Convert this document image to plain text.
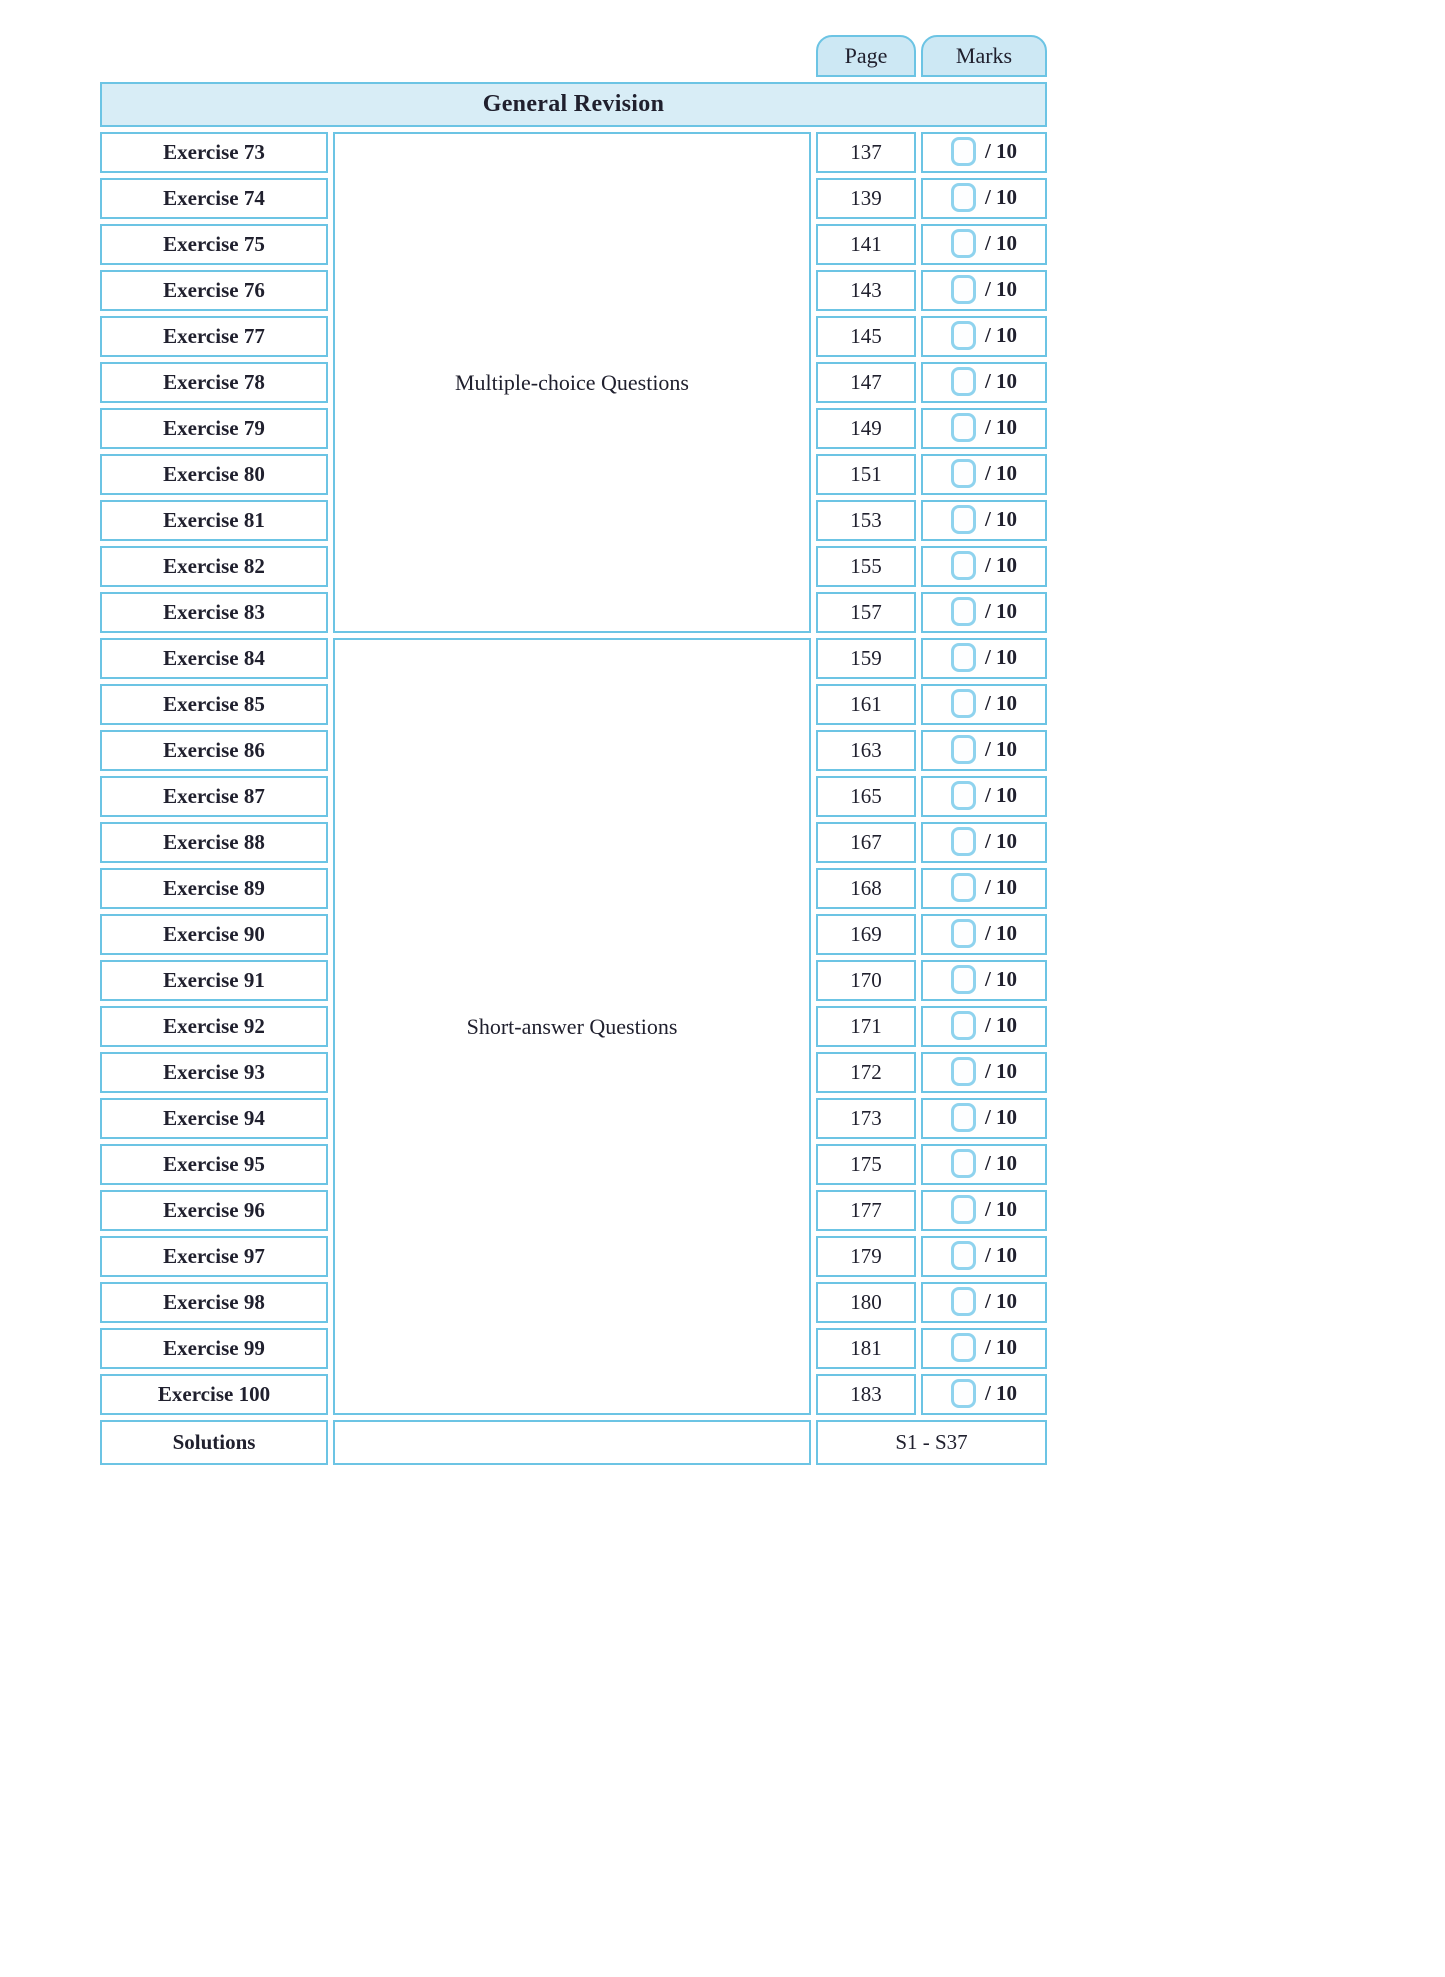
		Page	Marks
General Revision			
Exercise 73	Multiple-choice Questions	137	/ 10
Exercise 74		139	/ 10
Exercise 75		141	/ 10
Exercise 76		143	/ 10
Exercise 77		145	/ 10
Exercise 78		147	/ 10
Exercise 79		149	/ 10
Exercise 80		151	/ 10
Exercise 81		153	/ 10
Exercise 82		155	/ 10
Exercise 83		157	/ 10
Exercise 84	Short-answer Questions	159	/ 10
Exercise 85		161	/ 10
Exercise 86		163	/ 10
Exercise 87		165	/ 10
Exercise 88		167	/ 10
Exercise 89		168	/ 10
Exercise 90		169	/ 10
Exercise 91		170	/ 10
Exercise 92		171	/ 10
Exercise 93		172	/ 10
Exercise 94		173	/ 10
Exercise 95		175	/ 10
Exercise 96		177	/ 10
Exercise 97		179	/ 10
Exercise 98		180	/ 10
Exercise 99		181	/ 10
Exercise 100		183	/ 10
Solutions		S1 - S37	
